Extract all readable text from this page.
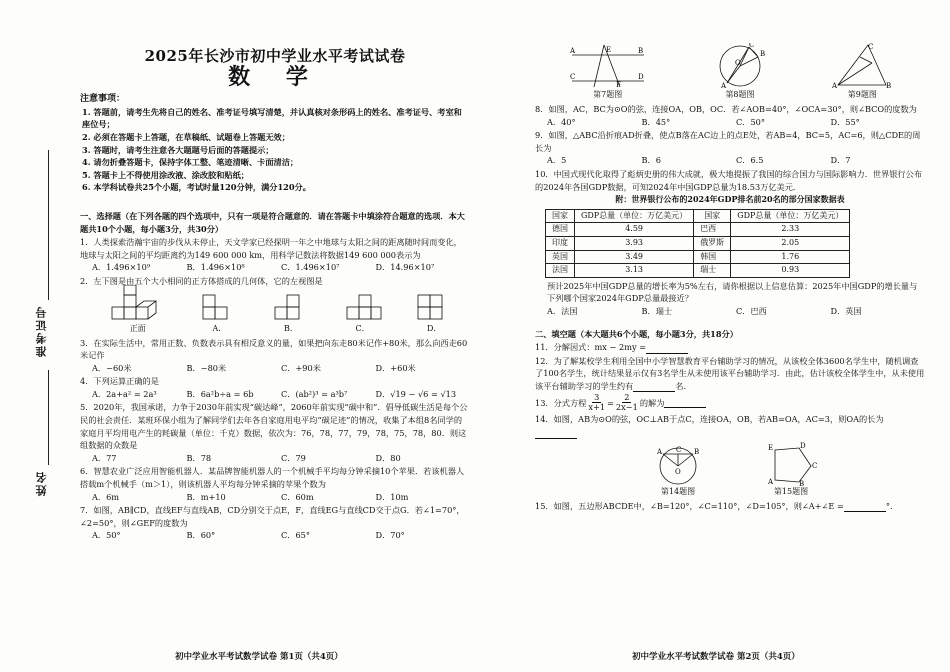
准考证号
姓名
2025年长沙市初中学业水平考试试卷
数 学
注意事项：
1. 答题前，请考生先将自己的姓名、准考证号填写清楚，并认真核对条形码上的姓名、准考证号、考室和座位号；
2. 必须在答题卡上答题，在草稿纸、试题卷上答题无效；
3. 答题时，请考生注意各大题题号后面的答题提示；
4. 请勿折叠答题卡，保持字体工整、笔迹清晰、卡面清洁；
5. 答题卡上不得使用涂改液、涂改胶和贴纸；
6. 本学科试卷共25个小题，考试时量120分钟，满分120分。
一、选择题（在下列各题的四个选项中，只有一项是符合题意的．请在答题卡中填涂符合题意的选项．本大题共10个小题，每小题3分，共30分）
1．人类探索浩瀚宇宙的步伐从未停止，天文学家已经探明一年之中地球与太阳之间的距离随时间而变化，地球与太阳之间的平均距离约为149 600 000 km，用科学记数法将数据149 600 000表示为
A．1.496×10⁹	B．1.496×10⁸	C．1.496×10⁷	D．14.96×10⁷
2．左下图是由五个大小相同的正方体搭成的几何体，它的左视图是
正面	A．	B．	C．	D．
3．在实际生活中，常用正数、负数表示具有相反意义的量，如果把向东走80米记作+80米，那么向西走60米记作
A．−60米	B．−80米	C．+90米	D．+60米
4．下列运算正确的是
A．2a+a² = 2a³	B．6a²b÷a = 6b	C．(ab²)³ = a³b⁷	D．√19 − √6 = √13
5．2020年，我国承诺，力争于2030年前实现“碳达峰”，2060年前实现“碳中和”．倡导低碳生活是每个公民的社会责任．某班环保小组为了解同学们去年各自家庭用电平均“碳足迹”的情况，收集了本组8名同学的家庭月平均用电产生的耗碳量（单位：千克）数据，依次为：76，78，77，79，78，75，78，80．则这组数据的众数是
A．77	B．78	C．79	D．80
6．智慧农业广泛应用智能机器人．某品牌智能机器人的一个机械手平均每分钟采摘10个苹果．若该机器人搭载m个机械手（m＞1），则该机器人平均每分钟采摘的苹果个数为
A．6m	B．m+10	C．60m	D．10m
7．如图，AB∥CD，直线EF与直线AB，CD分别交于点E，F，直线EG与直线CD交于点G．若∠1=70°，∠2=50°，则∠GEF的度数为
A．50°	B．60°	C．65°	D．70°
初中学业水平考试数学试卷 第1页（共4页）
A	B
C	D
E
F
第7题图
A
B
C
O
第8题图
A
C
B
第9题图
8．如图，AC，BC为⊙O的弦，连接OA，OB，OC．若∠AOB=40°，∠OCA=30°，则∠BCO的度数为
A．40°	B．45°	C．50°	D．55°
9．如图，△ABC沿折痕AD折叠，使点B落在AC边上的点E处，若AB=4，BC=5，AC=6，则△CDE的周长为
A．5	B．6	C．6.5	D．7
10．中国式现代化取得了彪炳史册的伟大成就，极大地提振了我国的综合国力与国际影响力．世界银行公布的2024年各国GDP数据，可知2024年中国GDP总量为18.53万亿美元．
附：世界银行公布的2024年GDP排名前20名的部分国家数据表
国家	GDP总量（单位：万亿美元）	国家	GDP总量（单位：万亿美元）
德国	4.59	巴西	2.33
印度	3.93	俄罗斯	2.05
英国	3.49	韩国	1.76
法国	3.13	瑞士	0.93
预计2025年中国GDP总量的增长率为5%左右，请你根据以上信息估算：2025年中国GDP的增长量与下列哪个国家2024年GDP总量最接近？
A．法国	B．瑞士	C．巴西	D．英国
二、填空题（本大题共6个小题，每小题3分，共18分）
11．分解因式：mx − 2my =
12．为了解某校学生利用全国中小学智慧教育平台辅助学习的情况，从该校全体3600名学生中，随机调查了100名学生，统计结果显示仅有3名学生从未使用该平台辅助学习．由此，估计该校全体学生中，从未使用该平台辅助学习的学生约有	名.
13．分式方程 $\frac{3}{x+1} = \frac{2}{2x-1}$ 的解为
14．如图，AB为⊙O的弦，OC⊥AB于点C，连接OA，OB，若AB=OA，AC=3，则OA的长为
A	B
C
O
第14题图
E	D
C
B
A
第15题图
15．如图，五边形ABCDE中，∠B=120°，∠C=110°，∠D=105°，则∠A+∠E =	°.
初中学业水平考试数学试卷 第2页（共4页）
